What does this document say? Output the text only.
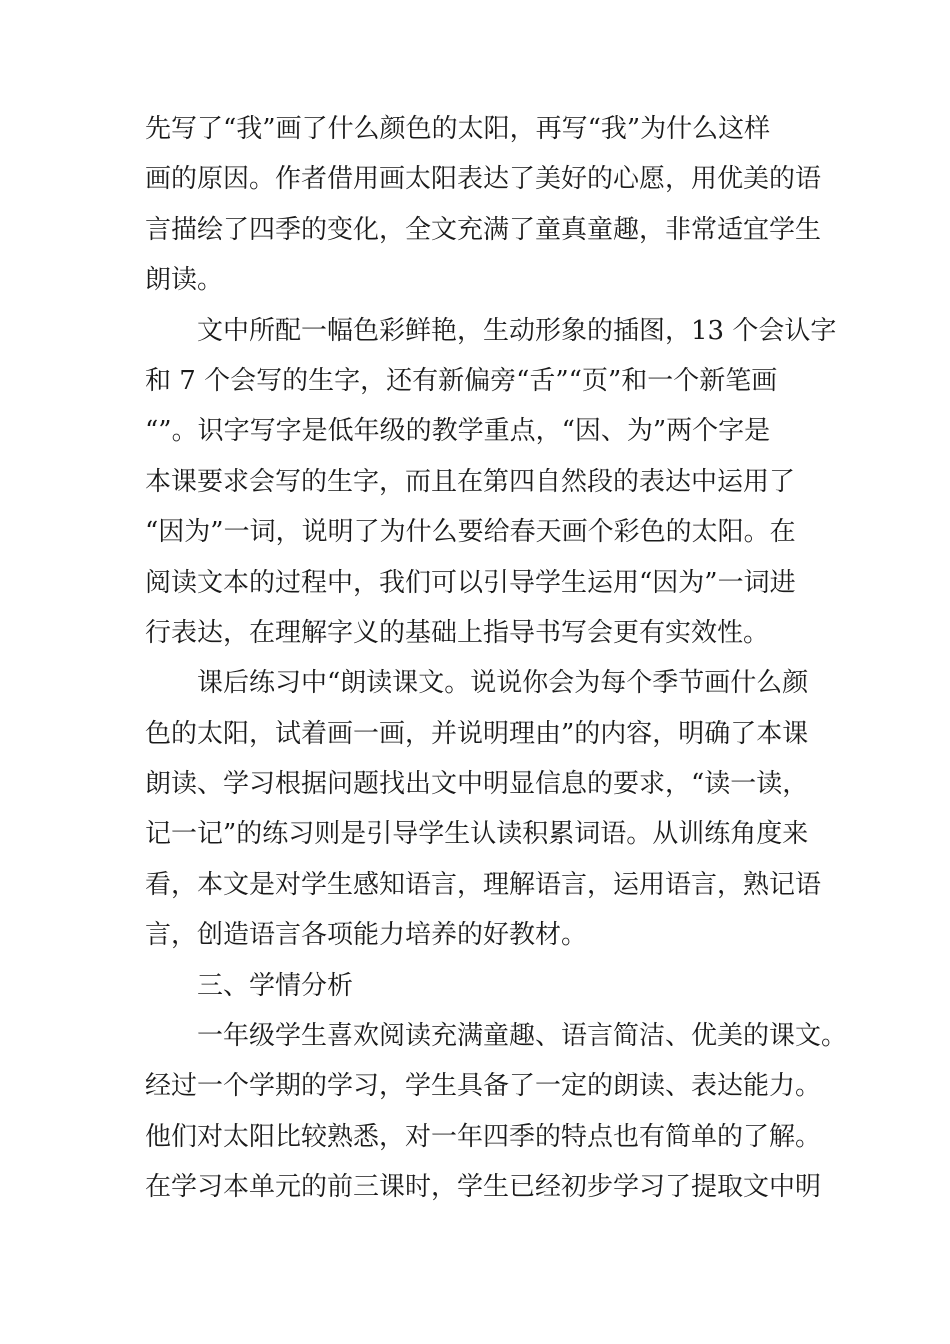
先写了“我”画了什么颜色的太阳，再写“我”为什么这样
画的原因。作者借用画太阳表达了美好的心愿，用优美的语
言描绘了四季的变化，全文充满了童真童趣，非常适宜学生
朗读。

文中所配一幅色彩鲜艳，生动形象的插图，13 个会认字
和 7 个会写的生字，还有新偏旁“舌”“页”和一个新笔画
“”。识字写字是低年级的教学重点，“因、为”两个字是
本课要求会写的生字，而且在第四自然段的表达中运用了
“因为”一词，说明了为什么要给春天画个彩色的太阳。在
阅读文本的过程中，我们可以引导学生运用“因为”一词进
行表达，在理解字义的基础上指导书写会更有实效性。

课后练习中“朗读课文。说说你会为每个季节画什么颜
色的太阳，试着画一画，并说明理由”的内容，明确了本课
朗读、学习根据问题找出文中明显信息的要求，“读一读，
记一记”的练习则是引导学生认读积累词语。从训练角度来
看，本文是对学生感知语言，理解语言，运用语言，熟记语
言，创造语言各项能力培养的好教材。

三、学情分析

一年级学生喜欢阅读充满童趣、语言简洁、优美的课文。
经过一个学期的学习，学生具备了一定的朗读、表达能力。
他们对太阳比较熟悉，对一年四季的特点也有简单的了解。
在学习本单元的前三课时，学生已经初步学习了提取文中明
